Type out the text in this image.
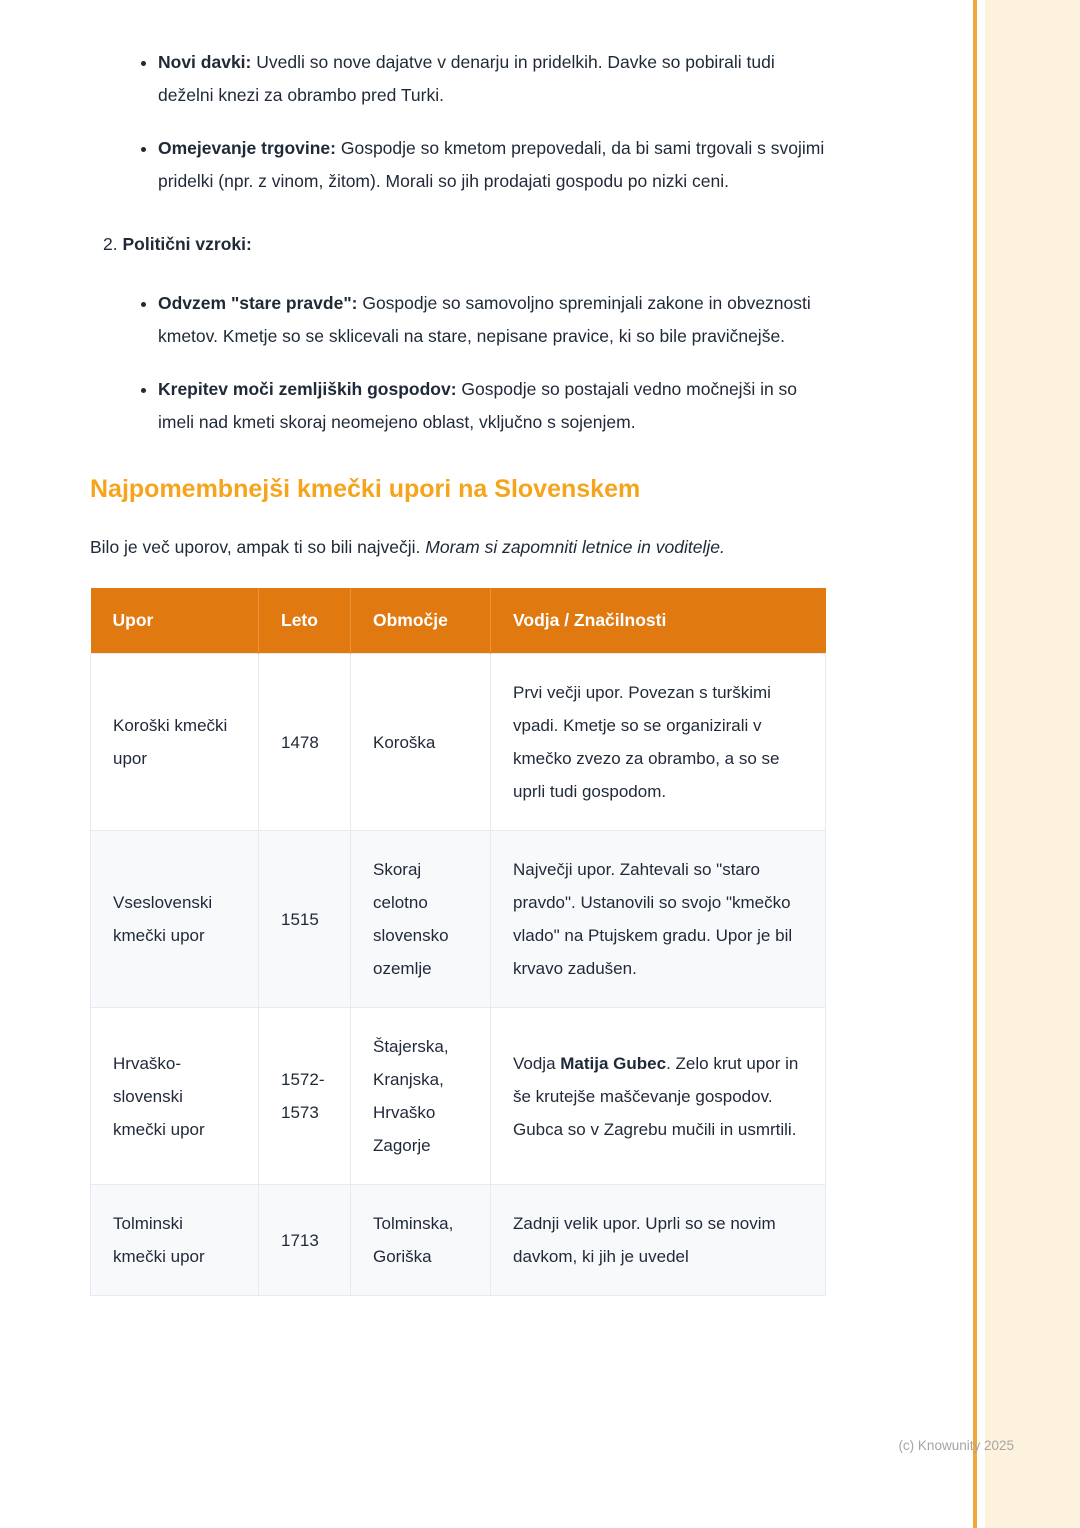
• Novi davki: Uvedli so nove dajatve v denarju in pridelkih. Davke so pobirali tudi deželni knezi za obrambo pred Turki.
• Omejevanje trgovine: Gospodje so kmetom prepovedali, da bi sami trgovali s svojimi pridelki (npr. z vinom, žitom). Morali so jih prodajati gospodu po nizki ceni.

2. Politični vzroki:

• Odvzem "stare pravde": Gospodje so samovoljno spreminjali zakone in obveznosti kmetov. Kmetje so se sklicevali na stare, nepisane pravice, ki so bile pravičnejše.
• Krepitev moči zemljiških gospodov: Gospodje so postajali vedno močnejši in so imeli nad kmeti skoraj neomejeno oblast, vključno s sojenjem.
Najpomembnejši kmečki upori na Slovenskem

Bilo je več uporov, ampak ti so bili največji. Moram si zapomniti letnice in voditelje.

Upor	Leto	Območje	Vodja / Značilnosti
Koroški kmečki upor	1478	Koroška	Prvi večji upor. Povezan s turškimi vpadi. Kmetje so se organizirali v kmečko zvezo za obrambo, a so se uprli tudi gospodom.
Vseslovenski kmečki upor	1515	Skoraj celotno slovensko ozemlje	Največji upor. Zahtevali so "staro pravdo". Ustanovili so svojo "kmečko vlado" na Ptujskem gradu. Upor je bil krvavo zadušen.
Hrvaško-slovenski kmečki upor	1572-1573	Štajerska, Kranjska, Hrvaško Zagorje	Vodja Matija Gubec. Zelo krut upor in še krutejše maščevanje gospodov. Gubca so v Zagrebu mučili in usmrtili.
Tolminski kmečki upor	1713	Tolminska, Goriška	Zadnji velik upor. Uprli so se novim davkom, ki jih je uvedel
(c) Knowunity 2025
